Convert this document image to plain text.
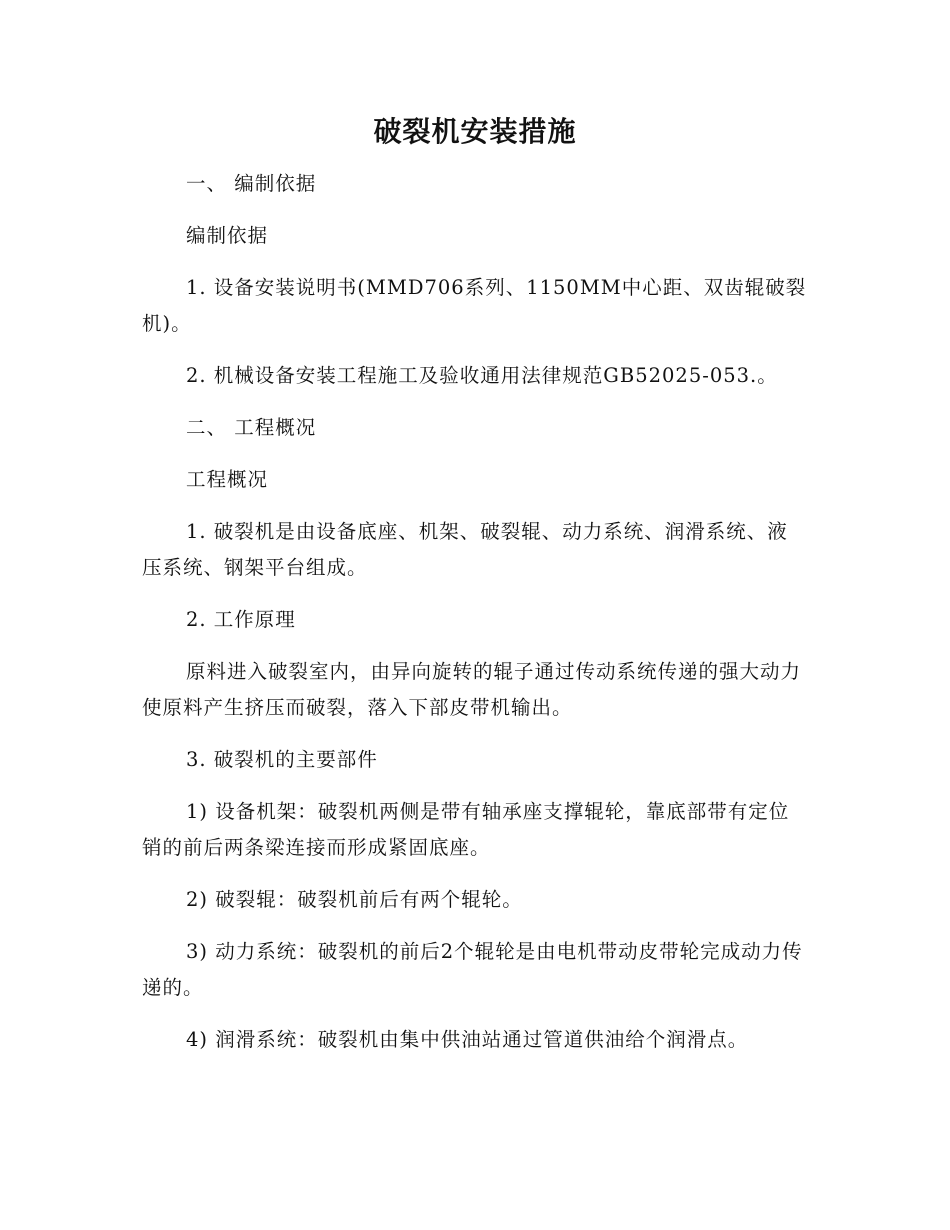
破裂机安装措施

一、 编制依据

编制依据

1. 设备安装说明书(MMD706系列、1150MM中心距、双齿辊破裂机)。

2. 机械设备安装工程施工及验收通用法律规范GB52025-053.。

二、 工程概况

工程概况

1. 破裂机是由设备底座、机架、破裂辊、动力系统、润滑系统、液压系统、钢架平台组成。

2. 工作原理

原料进入破裂室内，由异向旋转的辊子通过传动系统传递的强大动力使原料产生挤压而破裂，落入下部皮带机输出。

3. 破裂机的主要部件

1) 设备机架：破裂机两侧是带有轴承座支撑辊轮，靠底部带有定位销的前后两条梁连接而形成紧固底座。

2) 破裂辊：破裂机前后有两个辊轮。

3) 动力系统：破裂机的前后2个辊轮是由电机带动皮带轮完成动力传递的。

4) 润滑系统：破裂机由集中供油站通过管道供油给个润滑点。
